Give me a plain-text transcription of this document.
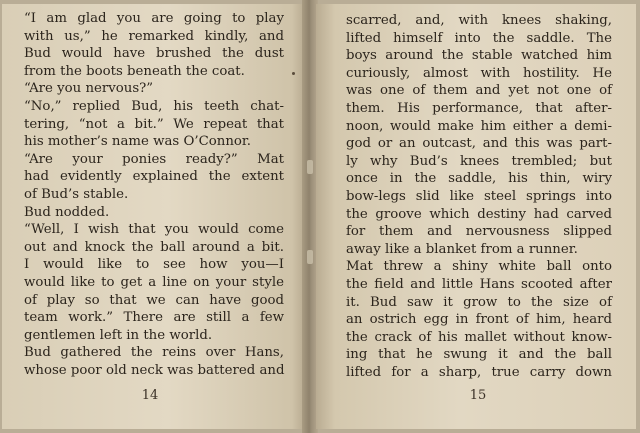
“I am glad you are going to play
with us,” he remarked kindly, and
Bud would have brushed the dust
from the boots beneath the coat.
“Are you nervous?”
“No,” replied Bud, his teeth chat-
tering, “not a bit.” We repeat that
his mother’s name was O’Connor.
“Are your ponies ready?” Mat
had evidently explained the extent
of Bud’s stable.
Bud nodded.
“Well, I wish that you would come
out and knock the ball around a bit.
I would like to see how you—I
would like to get a line on your style
of play so that we can have good
team work.” There are still a few
gentlemen left in the world.
Bud gathered the reins over Hans,
whose poor old neck was battered and
14
scarred, and, with knees shaking,
lifted himself into the saddle. The
boys around the stable watched him
curiously, almost with hostility. He
was one of them and yet not one of
them. His performance, that after-
noon, would make him either a demi-
god or an outcast, and this was part-
ly why Bud’s knees trembled; but
once in the saddle, his thin, wiry
bow-legs slid like steel springs into
the groove which destiny had carved
for them and nervousness slipped
away like a blanket from a runner.
Mat threw a shiny white ball onto
the field and little Hans scooted after
it. Bud saw it grow to the size of
an ostrich egg in front of him, heard
the crack of his mallet without know-
ing that he swung it and the ball
lifted for a sharp, true carry down
15
